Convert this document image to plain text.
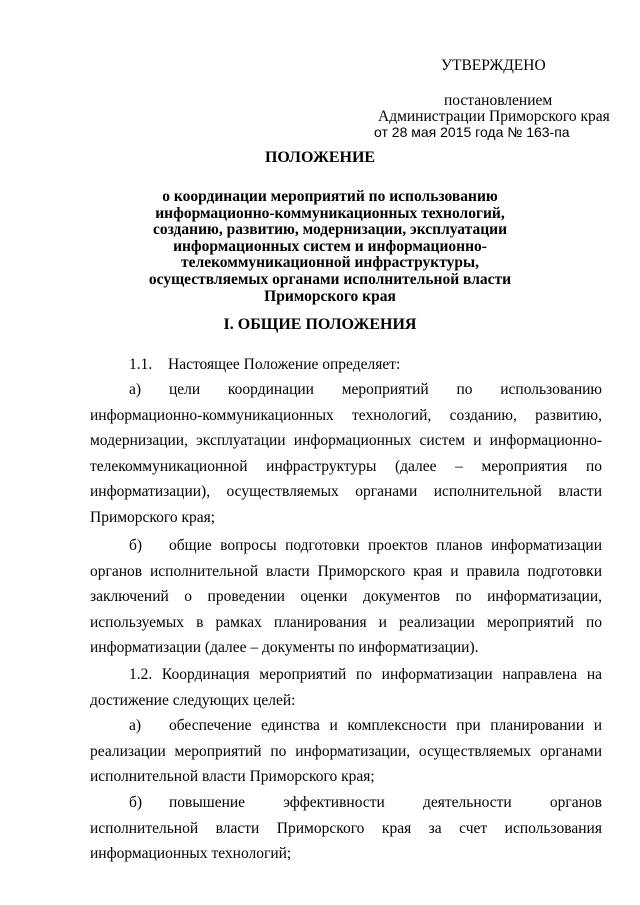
УТВЕРЖДЕНО
постановлением
Администрации Приморского края
от 28 мая 2015 года № 163-па
ПОЛОЖЕНИЕ
о координации мероприятий по использованию информационно-коммуникационных технологий, созданию, развитию, модернизации, эксплуатации информационных систем и информационно-телекоммуникационной инфраструктуры, осуществляемых органами исполнительной власти Приморского края
I. ОБЩИЕ ПОЛОЖЕНИЯ
1.1. Настоящее Положение определяет:
а) цели координации мероприятий по использованию информационно-коммуникационных технологий, созданию, развитию, модернизации, эксплуатации информационных систем и информационно-телекоммуникационной инфраструктуры (далее – мероприятия по информатизации), осуществляемых органами исполнительной власти Приморского края;
б) общие вопросы подготовки проектов планов информатизации органов исполнительной власти Приморского края и правила подготовки заключений о проведении оценки документов по информатизации, используемых в рамках планирования и реализации мероприятий по информатизации (далее – документы по информатизации).
1.2. Координация мероприятий по информатизации направлена на достижение следующих целей:
а) обеспечение единства и комплексности при планировании и реализации мероприятий по информатизации, осуществляемых органами исполнительной власти Приморского края;
б) повышение эффективности деятельности органов исполнительной власти Приморского края за счет использования информационных технологий;
